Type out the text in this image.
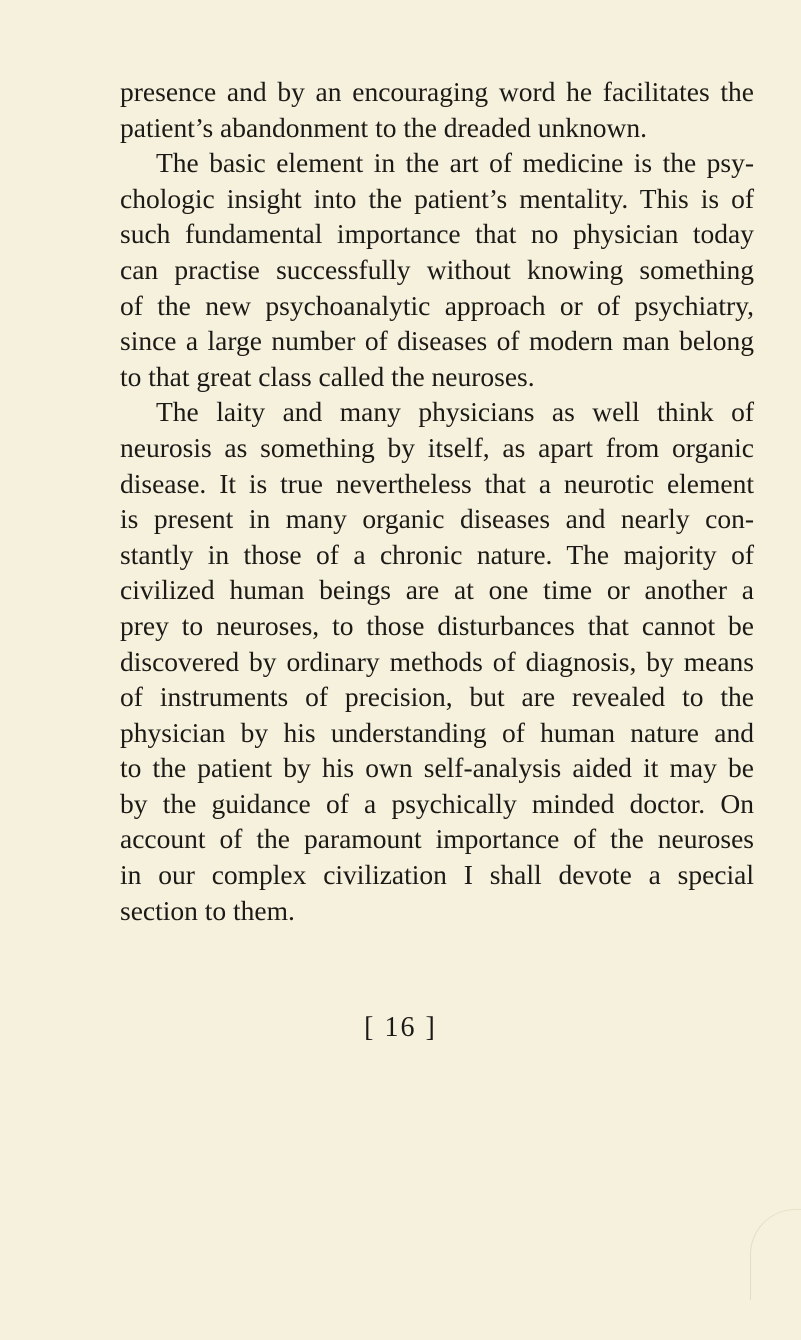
presence and by an encouraging word he facilitates the
patient’s abandonment to the dreaded unknown.
The basic element in the art of medicine is the psy-
chologic insight into the patient’s mentality. This is of
such fundamental importance that no physician today
can practise successfully without knowing something
of the new psychoanalytic approach or of psychiatry,
since a large number of diseases of modern man belong
to that great class called the neuroses.
The laity and many physicians as well think of
neurosis as something by itself, as apart from organic
disease. It is true nevertheless that a neurotic element
is present in many organic diseases and nearly con-
stantly in those of a chronic nature. The majority of
civilized human beings are at one time or another a
prey to neuroses, to those disturbances that cannot be
discovered by ordinary methods of diagnosis, by means
of instruments of precision, but are revealed to the
physician by his understanding of human nature and
to the patient by his own self-analysis aided it may be
by the guidance of a psychically minded doctor. On
account of the paramount importance of the neuroses
in our complex civilization I shall devote a special
section to them.
[ 16 ]
